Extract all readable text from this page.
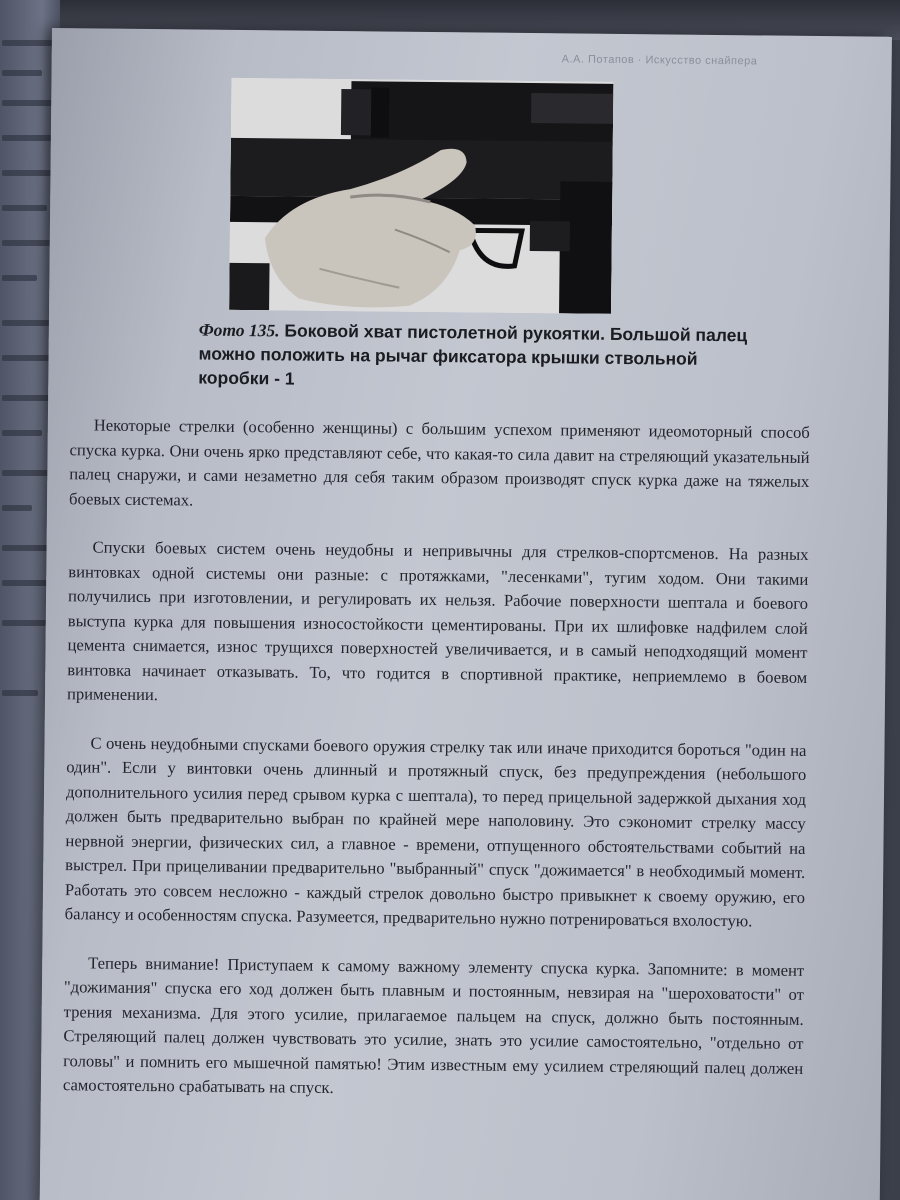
А.А. Потапов · Искусство снайпера
Фото 135. Боковой хват пистолетной рукоятки. Большой палец можно положить на рычаг фиксатора крышки ствольной коробки - 1

Некоторые стрелки (особенно женщины) с большим успехом применяют идеомоторный способ спуска курка. Они очень ярко представляют себе, что какая-то сила давит на стреляющий указательный палец снаружи, и сами незаметно для себя таким образом производят спуск курка даже на тяжелых боевых системах.

Спуски боевых систем очень неудобны и непривычны для стрелков-спортсменов. На разных винтовках одной системы они разные: с протяжками, "лесенками", тугим ходом. Они такими получились при изготовлении, и регулировать их нельзя. Рабочие поверхности шептала и боевого выступа курка для повышения износостойкости цементированы. При их шлифовке надфилем слой цемента снимается, износ трущихся поверхностей увеличивается, и в самый неподходящий момент винтовка начинает отказывать. То, что годится в спортивной практике, неприемлемо в боевом применении.

С очень неудобными спусками боевого оружия стрелку так или иначе приходится бороться "один на один". Если у винтовки очень длинный и протяжный спуск, без предупреждения (небольшого дополнительного усилия перед срывом курка с шептала), то перед прицельной задержкой дыхания ход должен быть предварительно выбран по крайней мере наполовину. Это сэкономит стрелку массу нервной энергии, физических сил, а главное - времени, отпущенного обстоятельствами событий на выстрел. При прицеливании предварительно "выбранный" спуск "дожимается" в необходимый момент. Работать это совсем несложно - каждый стрелок довольно быстро привыкнет к своему оружию, его балансу и особенностям спуска. Разумеется, предварительно нужно потренироваться вхолостую.

Теперь внимание! Приступаем к самому важному элементу спуска курка. Запомните: в момент "дожимания" спуска его ход должен быть плавным и постоянным, невзирая на "шероховатости" от трения механизма. Для этого усилие, прилагаемое пальцем на спуск, должно быть постоянным. Стреляющий палец должен чувствовать это усилие, знать это усилие самостоятельно, "отдельно от головы" и помнить его мышечной памятью! Этим известным ему усилием стреляющий палец должен самостоятельно срабатывать на спуск.
